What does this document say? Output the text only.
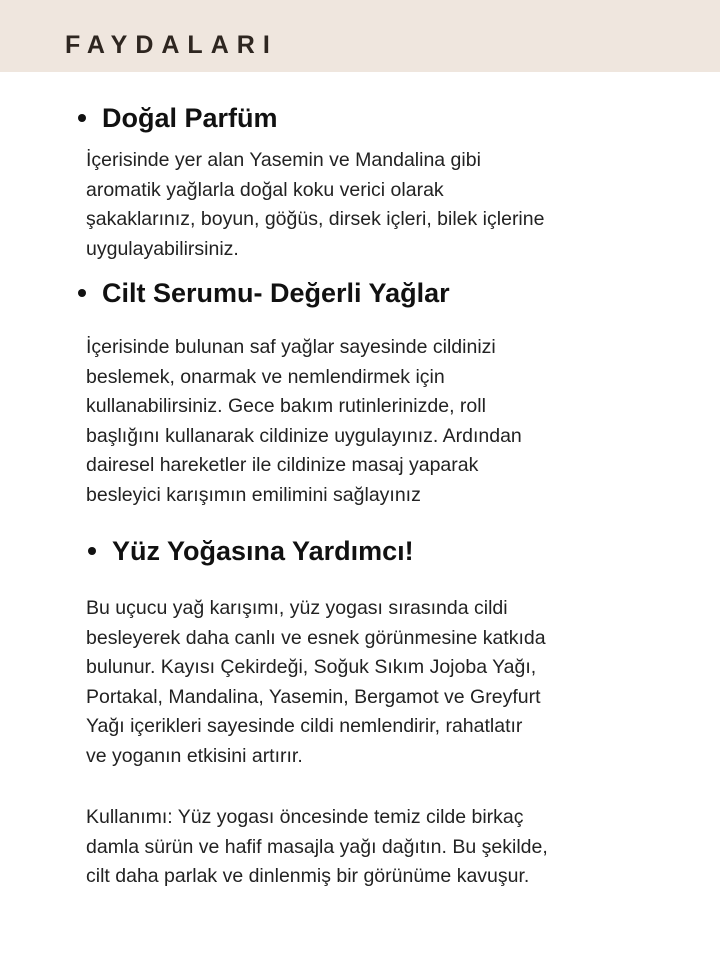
FAYDALARI
Doğal Parfüm

İçerisinde yer alan Yasemin ve Mandalina gibi
aromatik yağlarla doğal koku verici olarak
şakaklarınız, boyun, göğüs, dirsek içleri, bilek içlerine
uygulayabilirsiniz.

Cilt Serumu- Değerli Yağlar

İçerisinde bulunan saf yağlar sayesinde cildinizi
beslemek, onarmak ve nemlendirmek için
kullanabilirsiniz. Gece bakım rutinlerinizde, roll
başlığını kullanarak cildinize uygulayınız. Ardından
dairesel hareketler ile cildinize masaj yaparak
besleyici karışımın emilimini sağlayınız

Yüz Yoğasına Yardımcı!

Bu uçucu yağ karışımı, yüz yogası sırasında cildi
besleyerek daha canlı ve esnek görünmesine katkıda
bulunur. Kayısı Çekirdeği, Soğuk Sıkım Jojoba Yağı,
Portakal, Mandalina, Yasemin, Bergamot ve Greyfurt
Yağı içerikleri sayesinde cildi nemlendirir, rahatlatır
ve yoganın etkisini artırır.

Kullanımı: Yüz yogası öncesinde temiz cilde birkaç
damla sürün ve hafif masajla yağı dağıtın. Bu şekilde,
cilt daha parlak ve dinlenmiş bir görünüme kavuşur.
